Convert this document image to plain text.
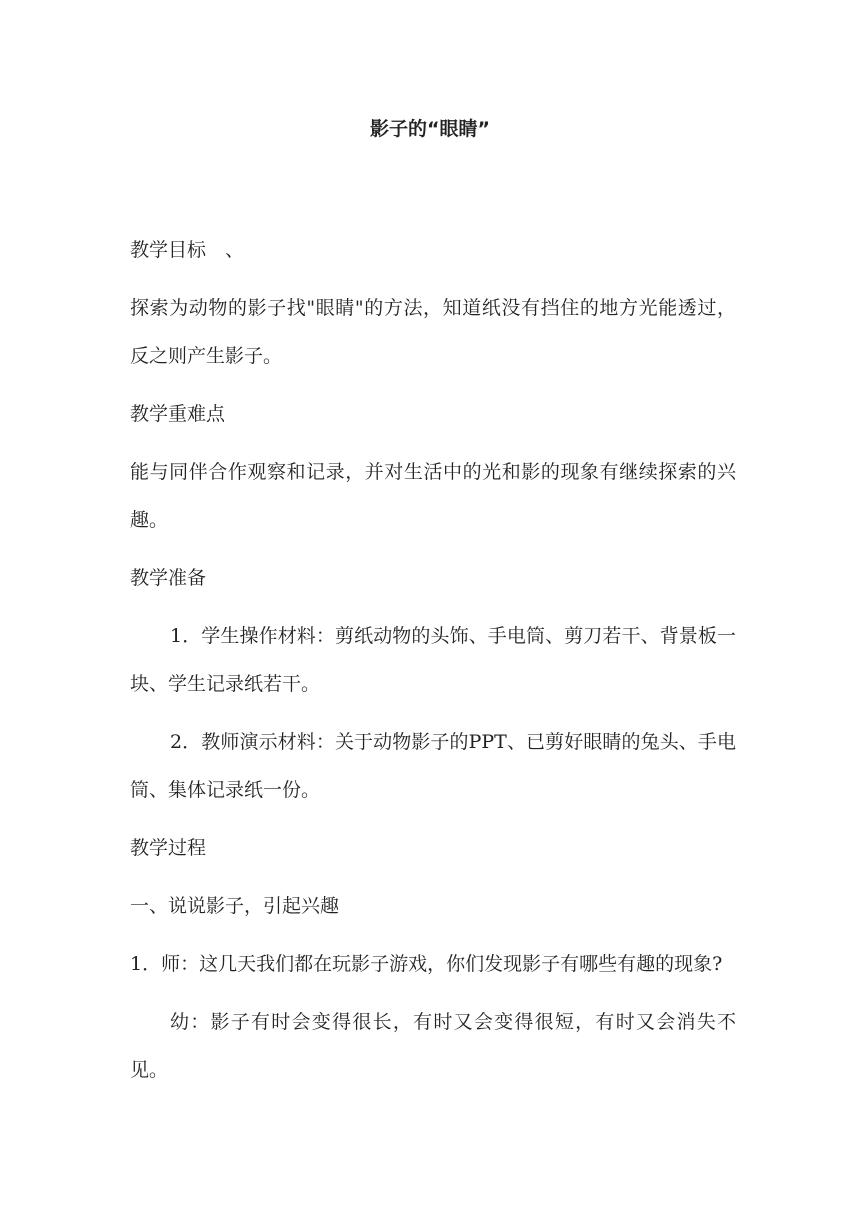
影子的“眼睛”

教学目标　、

探索为动物的影子找"眼睛"的方法，知道纸没有挡住的地方光能透过，反之则产生影子。

教学重难点

能与同伴合作观察和记录，并对生活中的光和影的现象有继续探索的兴趣。

教学准备

1．学生操作材料：剪纸动物的头饰、手电筒、剪刀若干、背景板一块、学生记录纸若干。

2．教师演示材料：关于动物影子的PPT、已剪好眼睛的兔头、手电筒、集体记录纸一份。

教学过程

一、说说影子，引起兴趣

1．师：这几天我们都在玩影子游戏，你们发现影子有哪些有趣的现象?

幼：影子有时会变得很长，有时又会变得很短，有时又会消失不见。
